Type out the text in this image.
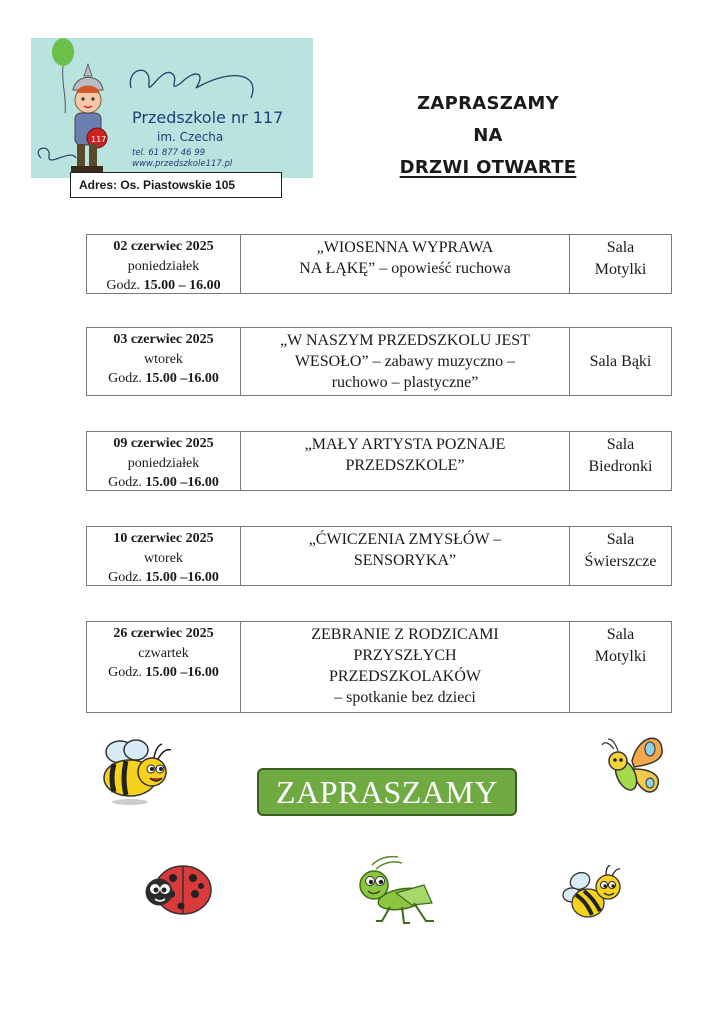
117
Przedszkole nr 117
im. Czecha
tel. 61 877 46 99
www.przedszkole117.pl
Adres: Os. Piastowskie 105
ZAPRASZAMY
NA
DRZWI OTWARTE
02 czerwiec 2025
poniedziałek
Godz. 15.00 – 16.00
„WIOSENNA WYPRAWA
NA ŁĄKĘ” – opowieść ruchowa
Sala
Motylki
03 czerwiec 2025
wtorek
Godz. 15.00 –16.00
„W NASZYM PRZEDSZKOLU JEST
WESOŁO” – zabawy muzyczno –
ruchowo – plastyczne”
Sala Bąki
09 czerwiec 2025
poniedziałek
Godz. 15.00 –16.00
„MAŁY ARTYSTA POZNAJE
PRZEDSZKOLE”
Sala
Biedronki
10 czerwiec 2025
wtorek
Godz. 15.00 –16.00
„ĆWICZENIA ZMYSŁÓW –
SENSORYKA”
Sala
Świerszcze
26 czerwiec 2025
czwartek
Godz. 15.00 –16.00
ZEBRANIE Z RODZICAMI
PRZYSZŁYCH
PRZEDSZKOLAKÓW
– spotkanie bez dzieci
Sala
Motylki
ZAPRASZAMY
